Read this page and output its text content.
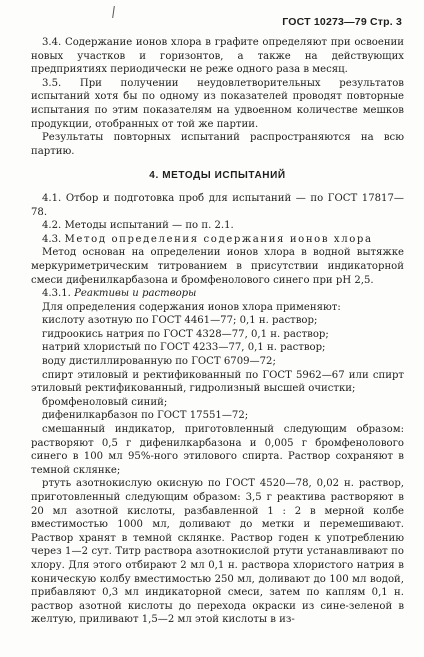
ГОСТ 10273—79 Стр. 3

3.4. Содержание ионов хлора в графите определяют при освоении новых участков и горизонтов, а также на действующих предприятиях периодически не реже одного раза в месяц.

3.5. При получении неудовлетворительных результатов испытаний хотя бы по одному из показателей проводят повторные испытания по этим показателям на удвоенном количестве мешков продукции, отобранных от той же партии.

Результаты повторных испытаний распространяются на всю партию.

4. МЕТОДЫ ИСПЫТАНИЙ

4.1. Отбор и подготовка проб для испытаний — по ГОСТ 17817—78.

4.2. Методы испытаний — по п. 2.1.

4.3. Метод определения содержания ионов хлора

Метод основан на определении ионов хлора в водной вытяжке меркуриметрическим титрованием в присутствии индикаторной смеси дифенилкарбазона и бромфенолового синего при pH 2,5.

4.3.1. Реактивы и растворы

Для определения содержания ионов хлора применяют:

кислоту азотную по ГОСТ 4461—77; 0,1 н. раствор;

гидроокись натрия по ГОСТ 4328—77, 0,1 н. раствор;

натрий хлористый по ГОСТ 4233—77, 0,1 н. раствор;

воду дистиллированную по ГОСТ 6709—72;

спирт этиловый и ректификованный по ГОСТ 5962—67 или спирт этиловый ректификованный, гидролизный высшей очистки;

бромфеноловый синий;

дифенилкарбазон по ГОСТ 17551—72;

смешанный индикатор, приготовленный следующим образом: растворяют 0,5 г дифенилкарбазона и 0,005 г бромфенолового синего в 100 мл 95%-ного этилового спирта. Раствор сохраняют в темной склянке;

ртуть азотнокислую окисную по ГОСТ 4520—78, 0,02 н. раствор, приготовленный следующим образом: 3,5 г реактива растворяют в 20 мл азотной кислоты, разбавленной 1 : 2 в мерной колбе вместимостью 1000 мл, доливают до метки и перемешивают. Раствор хранят в темной склянке. Раствор годен к употреблению через 1—2 сут. Титр раствора азотнокислой ртути устанавливают по хлору. Для этого отбирают 2 мл 0,1 н. раствора хлористого натрия в коническую колбу вместимостью 250 мл, доливают до 100 мл водой, прибавляют 0,3 мл индикаторной смеси, затем по каплям 0,1 н. раствор азотной кислоты до перехода окраски из сине-зеленой в желтую, приливают 1,5—2 мл этой кислоты в из-
